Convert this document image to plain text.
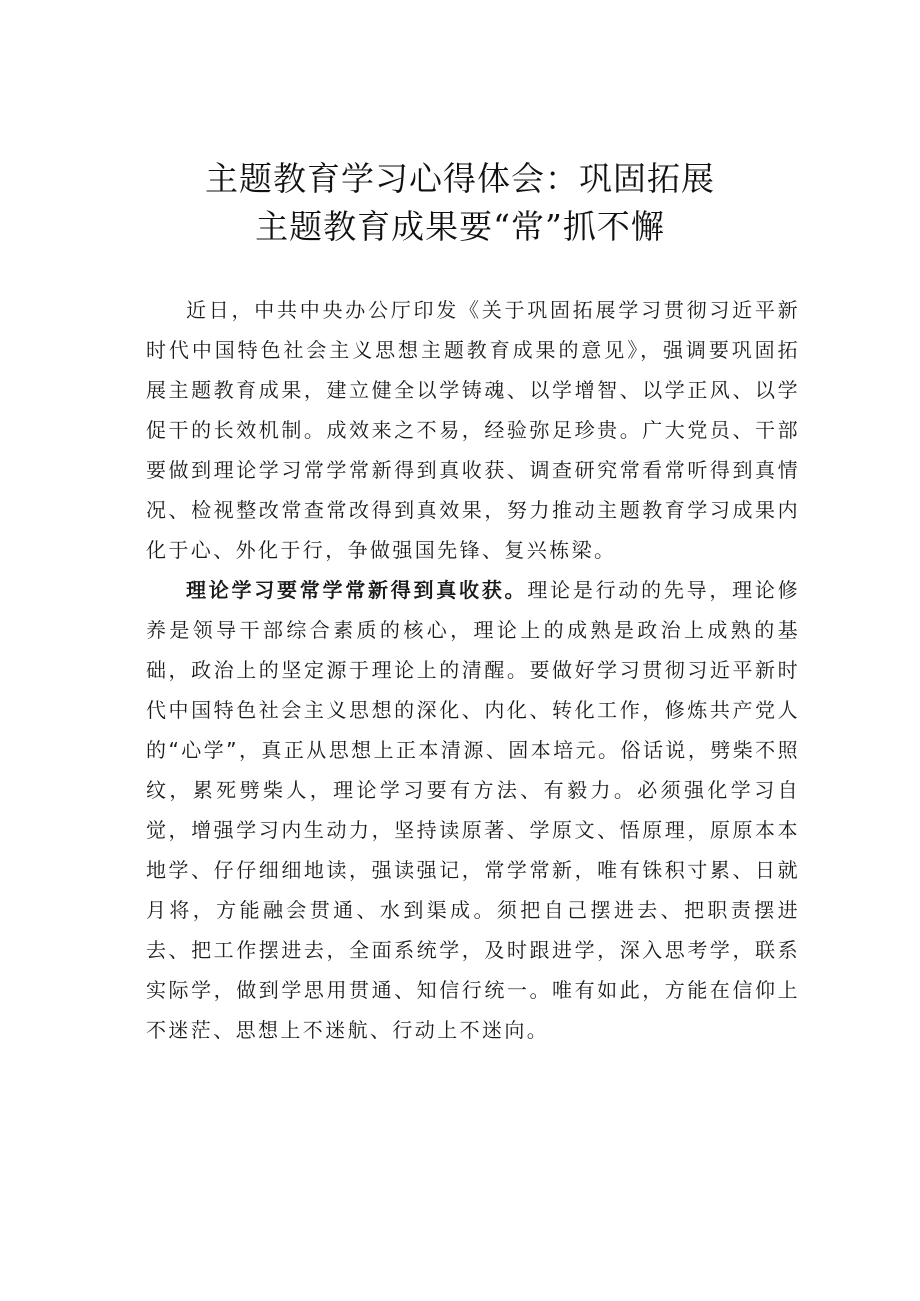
主题教育学习心得体会：巩固拓展
主题教育成果要“常”抓不懈

近日，中共中央办公厅印发《关于巩固拓展学习贯彻习近平新时代中国特色社会主义思想主题教育成果的意见》，强调要巩固拓展主题教育成果，建立健全以学铸魂、以学增智、以学正风、以学促干的长效机制。成效来之不易，经验弥足珍贵。广大党员、干部要做到理论学习常学常新得到真收获、调查研究常看常听得到真情况、检视整改常查常改得到真效果，努力推动主题教育学习成果内化于心、外化于行，争做强国先锋、复兴栋梁。

理论学习要常学常新得到真收获。理论是行动的先导，理论修养是领导干部综合素质的核心，理论上的成熟是政治上成熟的基础，政治上的坚定源于理论上的清醒。要做好学习贯彻习近平新时代中国特色社会主义思想的深化、内化、转化工作，修炼共产党人的“心学”，真正从思想上正本清源、固本培元。俗话说，劈柴不照纹，累死劈柴人，理论学习要有方法、有毅力。必须强化学习自觉，增强学习内生动力，坚持读原著、学原文、悟原理，原原本本地学、仔仔细细地读，强读强记，常学常新，唯有铢积寸累、日就月将，方能融会贯通、水到渠成。须把自己摆进去、把职责摆进去、把工作摆进去，全面系统学，及时跟进学，深入思考学，联系实际学，做到学思用贯通、知信行统一。唯有如此，方能在信仰上不迷茫、思想上不迷航、行动上不迷向。
